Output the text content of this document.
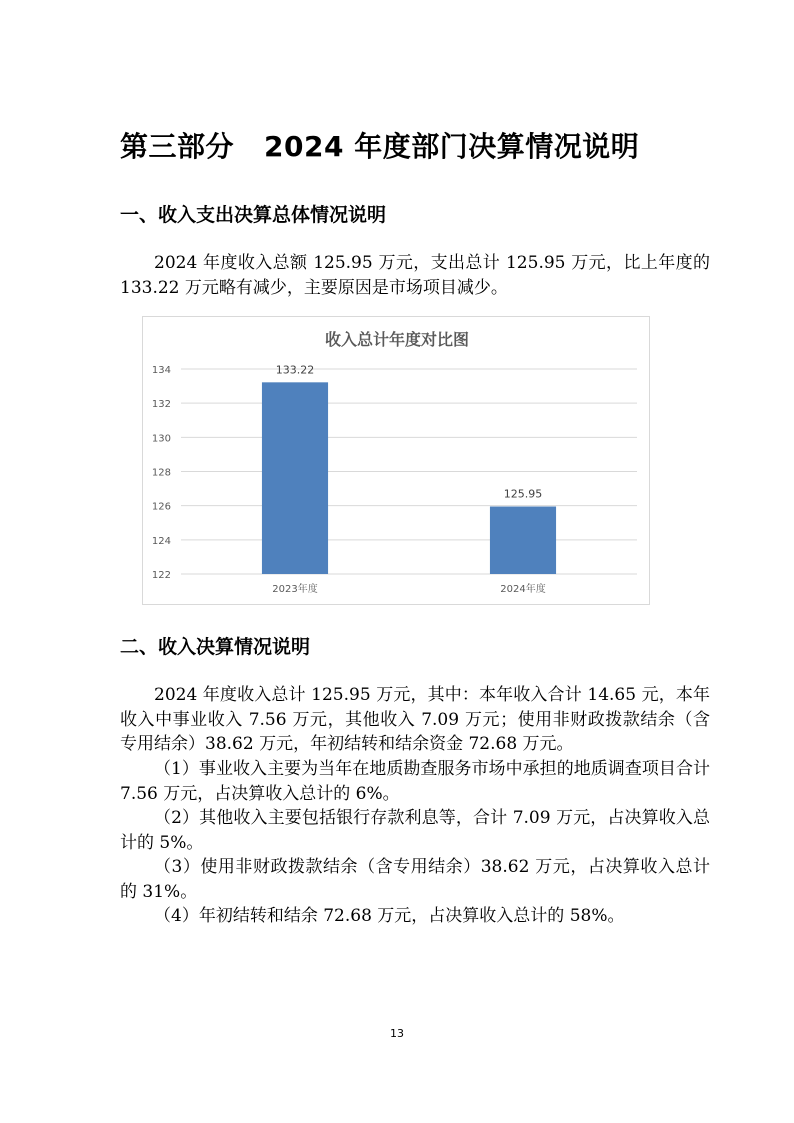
第三部分 2024 年度部门决算情况说明
一、收入支出决算总体情况说明

2024 年度收入总额 125.95 万元，支出总计 125.95 万元，比上年度的 133.22 万元略有减少，主要原因是市场项目减少。

收入总计年度对比图
122
124
126
128
130
132
134	133.22
125.95
2023年度	2024年度
二、收入决算情况说明

2024 年度收入总计 125.95 万元，其中：本年收入合计 14.65 元，本年收入中事业收入 7.56 万元，其他收入 7.09 万元；使用非财政拨款结余（含专用结余）38.62 万元，年初结转和结余资金 72.68 万元。

（1）事业收入主要为当年在地质勘查服务市场中承担的地质调查项目合计 7.56 万元，占决算收入总计的 6%。

（2）其他收入主要包括银行存款利息等，合计 7.09 万元，占决算收入总计的 5%。

（3）使用非财政拨款结余（含专用结余）38.62 万元，占决算收入总计的 31%。

（4）年初结转和结余 72.68 万元，占决算收入总计的 58%。

13
